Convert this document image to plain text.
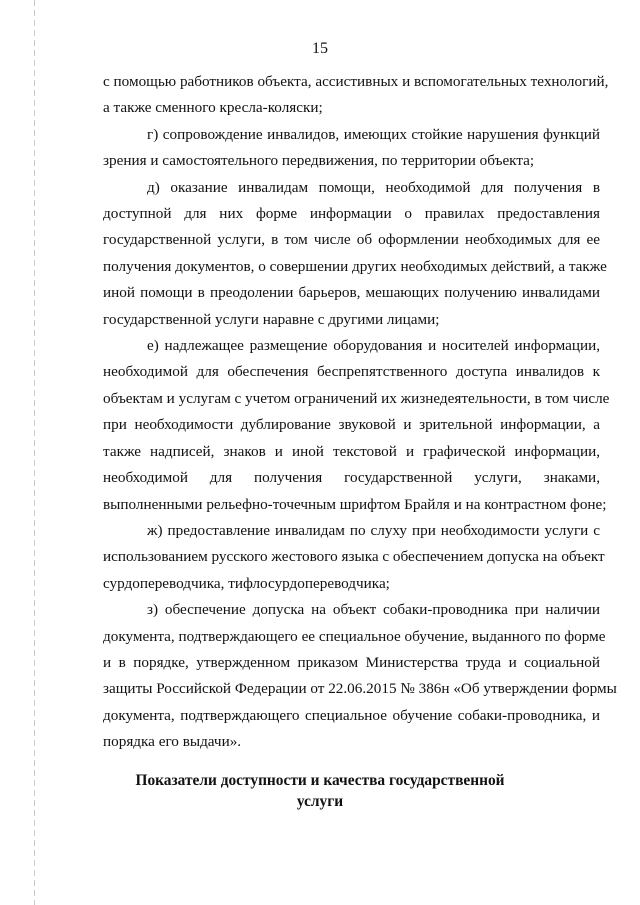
15

с помощью работников объекта, ассистивных и вспомогательных технологий,
а также сменного кресла-коляски;

г) сопровождение инвалидов, имеющих стойкие нарушения функций
зрения и самостоятельного передвижения, по территории объекта;

д) оказание инвалидам помощи, необходимой для получения в
доступной для них форме информации о правилах предоставления
государственной услуги, в том числе об оформлении необходимых для ее
получения документов, о совершении других необходимых действий, а также
иной помощи в преодолении барьеров, мешающих получению инвалидами
государственной услуги наравне с другими лицами;

е) надлежащее размещение оборудования и носителей информации,
необходимой для обеспечения беспрепятственного доступа инвалидов к
объектам и услугам с учетом ограничений их жизнедеятельности, в том числе
при необходимости дублирование звуковой и зрительной информации, а
также надписей, знаков и иной текстовой и графической информации,
необходимой для получения государственной услуги, знаками,
выполненными рельефно-точечным шрифтом Брайля и на контрастном фоне;

ж) предоставление инвалидам по слуху при необходимости услуги с
использованием русского жестового языка с обеспечением допуска на объект
сурдопереводчика, тифлосурдопереводчика;

з) обеспечение допуска на объект собаки-проводника при наличии
документа, подтверждающего ее специальное обучение, выданного по форме
и в порядке, утвержденном приказом Министерства труда и социальной
защиты Российской Федерации от 22.06.2015 № 386н «Об утверждении формы
документа, подтверждающего специальное обучение собаки-проводника, и
порядка его выдачи».

Показатели доступности и качества государственной
услуги
